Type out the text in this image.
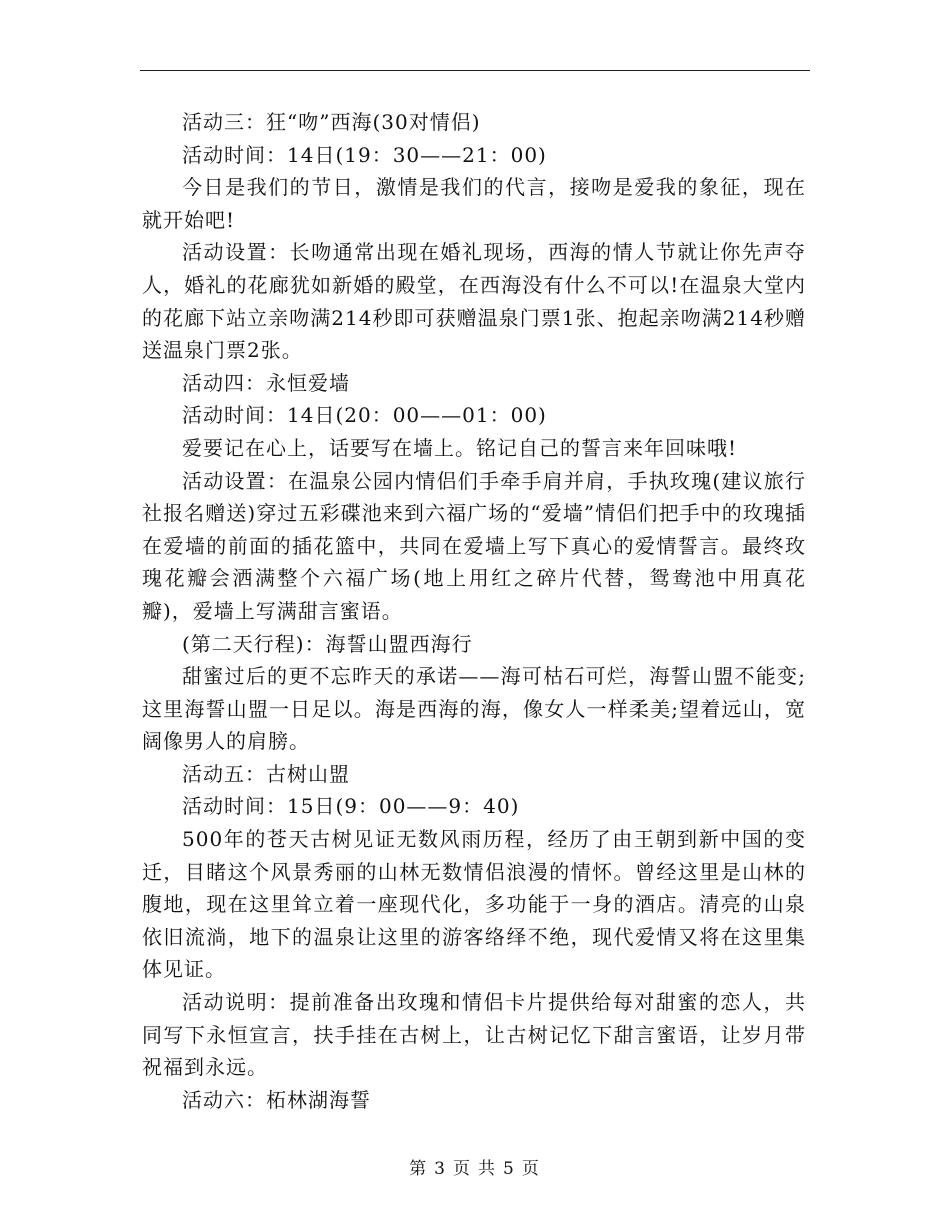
活动三：狂“吻”西海(30对情侣)

活动时间：14日(19：30——21：00)

今日是我们的节日，激情是我们的代言，接吻是爱我的象征，现在就开始吧!

活动设置：长吻通常出现在婚礼现场，西海的情人节就让你先声夺人，婚礼的花廊犹如新婚的殿堂，在西海没有什么不可以!在温泉大堂内的花廊下站立亲吻满214秒即可获赠温泉门票1张、抱起亲吻满214秒赠送温泉门票2张。

活动四：永恒爱墙

活动时间：14日(20：00——01：00)

爱要记在心上，话要写在墙上。铭记自己的誓言来年回味哦!

活动设置：在温泉公园内情侣们手牵手肩并肩，手执玫瑰(建议旅行社报名赠送)穿过五彩碟池来到六福广场的“爱墙”情侣们把手中的玫瑰插在爱墙的前面的插花篮中，共同在爱墙上写下真心的爱情誓言。最终玫瑰花瓣会洒满整个六福广场(地上用红之碎片代替，鸳鸯池中用真花瓣)，爱墙上写满甜言蜜语。

(第二天行程)：海誓山盟西海行

甜蜜过后的更不忘昨天的承诺——海可枯石可烂，海誓山盟不能变;这里海誓山盟一日足以。海是西海的海，像女人一样柔美;望着远山，宽阔像男人的肩膀。

活动五：古树山盟

活动时间：15日(9：00——9：40)

500年的苍天古树见证无数风雨历程，经历了由王朝到新中国的变迁，目睹这个风景秀丽的山林无数情侣浪漫的情怀。曾经这里是山林的腹地，现在这里耸立着一座现代化，多功能于一身的酒店。清亮的山泉依旧流淌，地下的温泉让这里的游客络绎不绝，现代爱情又将在这里集体见证。

活动说明：提前准备出玫瑰和情侣卡片提供给每对甜蜜的恋人，共同写下永恒宣言，扶手挂在古树上，让古树记忆下甜言蜜语，让岁月带祝福到永远。

活动六：柘林湖海誓

第 3 页 共 5 页
